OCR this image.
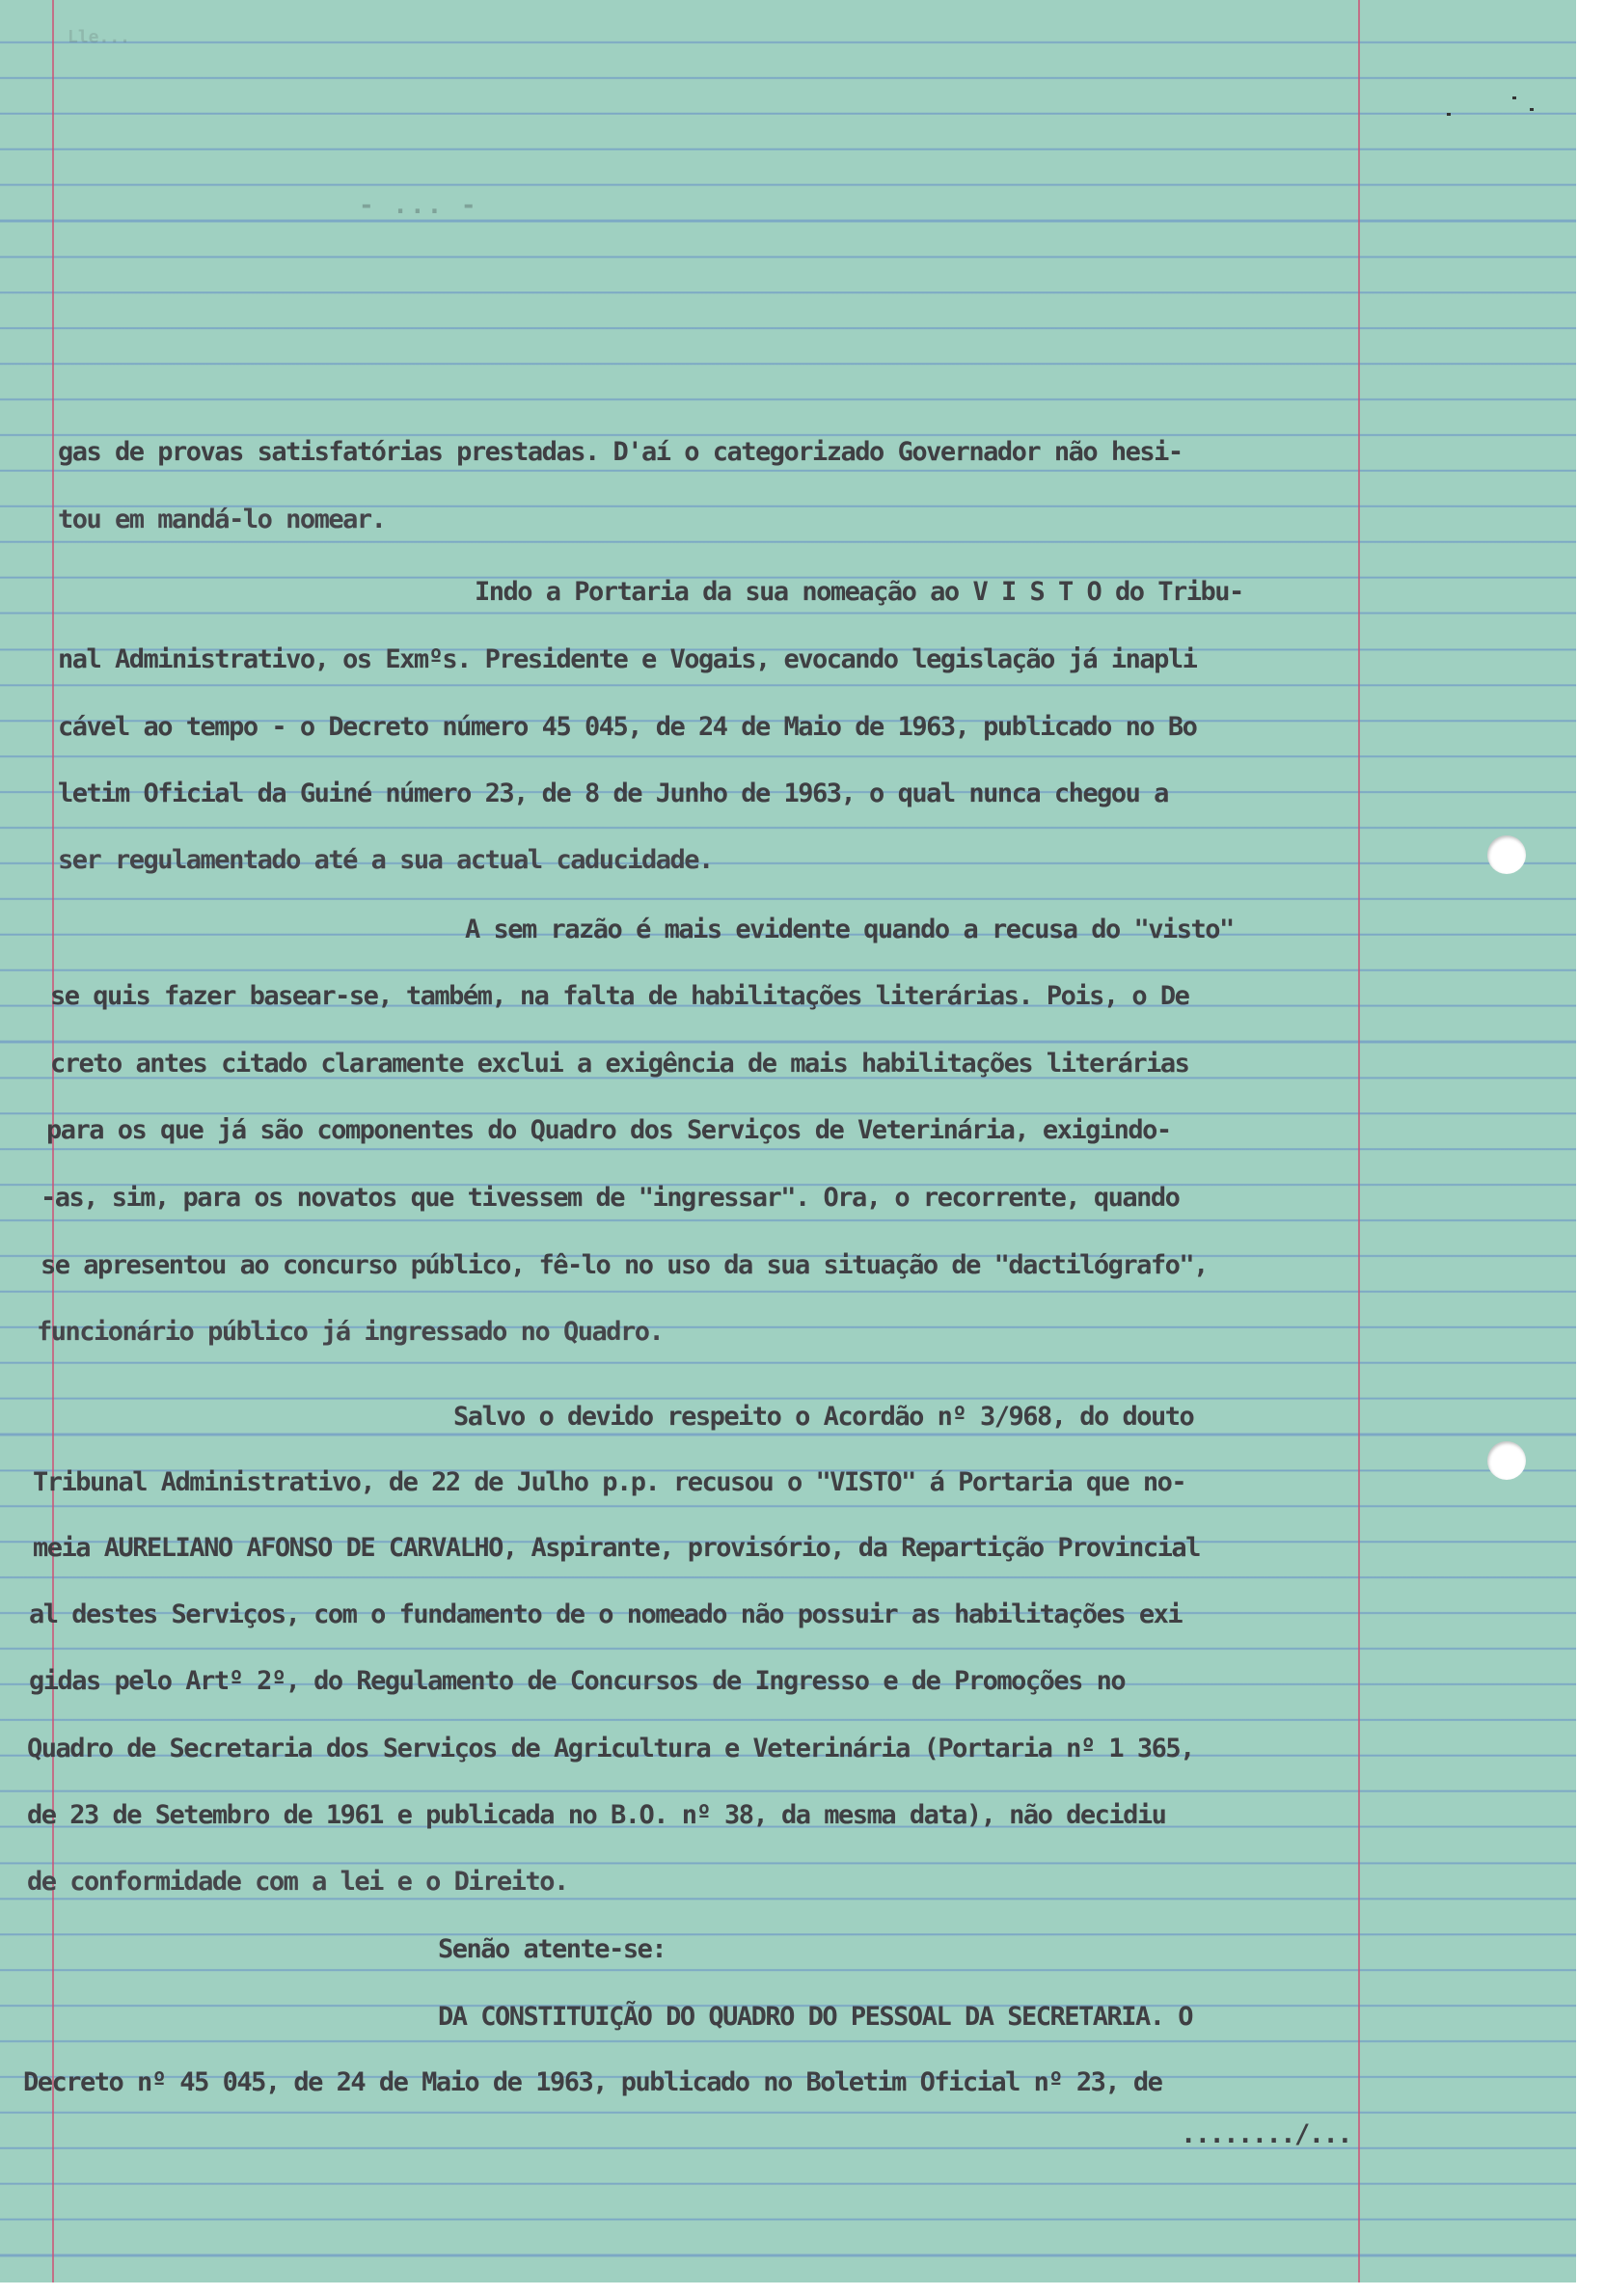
Lle...
- ... -

gas de provas satisfatórias prestadas. D'aí o categorizado Governador não hesi-

tou em mandá-lo nomear.

Indo a Portaria da sua nomeação ao V I S T O do Tribu-

nal Administrativo, os Exmºs. Presidente e Vogais, evocando legislação já inapli

cável ao tempo - o Decreto número 45 045, de 24 de Maio de 1963, publicado no Bo

letim Oficial da Guiné número 23, de 8 de Junho de 1963, o qual nunca chegou a

ser regulamentado até a sua actual caducidade.

A sem razão é mais evidente quando a recusa do "visto"

se quis fazer basear-se, também, na falta de habilitações literárias. Pois, o De

creto antes citado claramente exclui a exigência de mais habilitações literárias

para os que já são componentes do Quadro dos Serviços de Veterinária, exigindo-

-as, sim, para os novatos que tivessem de "ingressar". Ora, o recorrente, quando

se apresentou ao concurso público, fê-lo no uso da sua situação de "dactilógrafo",

funcionário público já ingressado no Quadro.

Salvo o devido respeito o Acordão nº 3/968, do douto

Tribunal Administrativo, de 22 de Julho p.p. recusou o "VISTO" á Portaria que no-

meia AURELIANO AFONSO DE CARVALHO, Aspirante, provisório, da Repartição Provincial

al destes Serviços, com o fundamento de o nomeado não possuir as habilitações exi

gidas pelo Artº 2º, do Regulamento de Concursos de Ingresso e de Promoções no

Quadro de Secretaria dos Serviços de Agricultura e Veterinária (Portaria nº 1 365,

de 23 de Setembro de 1961 e publicada no B.O. nº 38, da mesma data), não decidiu

de conformidade com a lei e o Direito.

Senão atente-se:

DA CONSTITUIÇÃO DO QUADRO DO PESSOAL DA SECRETARIA. O

Decreto nº 45 045, de 24 de Maio de 1963, publicado no Boletim Oficial nº 23, de

......../...
